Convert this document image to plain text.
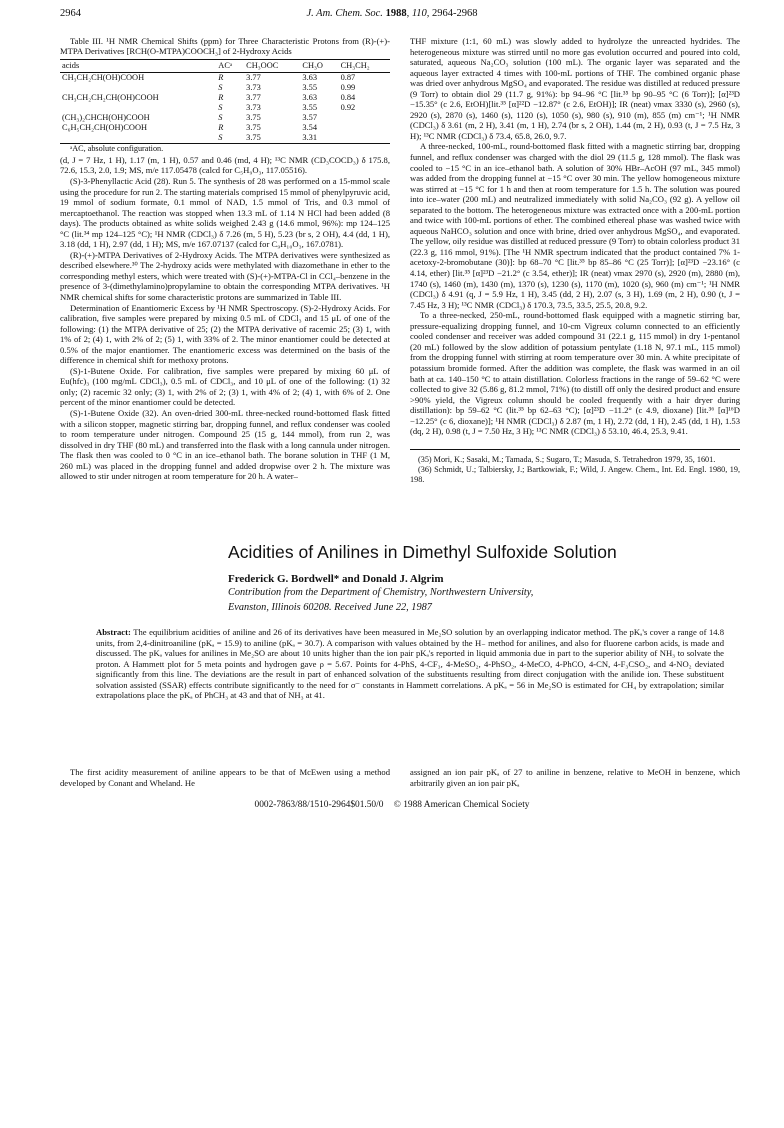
2964	J. Am. Chem. Soc. 1988, 110, 2964-2968

Table III. ¹H NMR Chemical Shifts (ppm) for Three Characteristic Protons from (R)-(+)-MTPA Derivatives [RCH(O-MTPA)COOCH₃] of 2-Hydroxy Acids

acids	ACᵃ	CH₃OOC	CH₃O	CH₃CH₂
CH₃CH₂CH(OH)COOH	R	3.77	3.63	0.87
	S	3.73	3.55	0.99
CH₃CH₂CH₂CH(OH)COOH	R	3.77	3.63	0.84
	S	3.73	3.55	0.92
(CH₃)₂CHCH(OH)COOH	S	3.75	3.57	
C₆H₅CH₂CH(OH)COOH	R	3.75	3.54	
	S	3.75	3.31	

ᵃAC, absolute configuration.

(d, J = 7 Hz, 1 H), 1.17 (m, 1 H), 0.57 and 0.46 (md, 4 H); ¹³C NMR (CD₃COCD₃) δ 175.8, 72.6, 15.3, 2.0, 1.9; MS, m/e 117.05478 (calcd for C₅H₉O₃, 117.05516).

(S)-3-Phenyllactic Acid (28). Run 5. The synthesis of 28 was performed on a 15-mmol scale using the procedure for run 2. The starting materials comprised 15 mmol of phenylpyruvic acid, 19 mmol of sodium formate, 0.1 mmol of NAD, 1.5 mmol of Tris, and 0.3 mmol of mercaptoethanol. The reaction was stopped when 13.3 mL of 1.14 N HCl had been added (8 days). The products obtained as white solids weighed 2.43 g (14.6 mmol, 96%): mp 124–125 °C (lit.³⁴ mp 124–125 °C); ¹H NMR (CDCl₃) δ 7.26 (m, 5 H), 5.23 (br s, 2 OH), 4.4 (dd, 1 H), 3.18 (dd, 1 H), 2.97 (dd, 1 H); MS, m/e 167.07137 (calcd for C₉H₁₀O₃, 167.0781).

(R)-(+)-MTPA Derivatives of 2-Hydroxy Acids. The MTPA derivatives were synthesized as described elsewhere.³⁰ The 2-hydroxy acids were methylated with diazomethane in ether to the corresponding methyl esters, which were treated with (S)-(+)-MTPA-Cl in CCl₄–benzene in the presence of 3-(dimethylamino)propylamine to obtain the corresponding MTPA derivatives. ¹H NMR chemical shifts for some characteristic protons are summarized in Table III.

Determination of Enantiomeric Excess by ¹H NMR Spectroscopy. (S)-2-Hydroxy Acids. For calibration, five samples were prepared by mixing 0.5 mL of CDCl₃ and 15 μL of one of the following: (1) the MTPA derivative of 25; (2) the MTPA derivative of racemic 25; (3) 1, with 1% of 2; (4) 1, with 2% of 2; (5) 1, with 33% of 2. The minor enantiomer could be detected at 0.5% of the major enantiomer. The enantiomeric excess was determined on the basis of the difference in chemical shift for methoxy protons.

(S)-1-Butene Oxide. For calibration, five samples were prepared by mixing 60 μL of Eu(hfc)₃ (100 mg/mL CDCl₃), 0.5 mL of CDCl₃, and 10 μL of one of the following: (1) 32 only; (2) racemic 32 only; (3) 1, with 2% of 2; (3) 1, with 4% of 2; (4) 1, with 6% of 2. One percent of the minor enantiomer could be detected.

(S)-1-Butene Oxide (32). An oven-dried 300-mL three-necked round-bottomed flask fitted with a silicon stopper, magnetic stirring bar, dropping funnel, and reflux condenser was cooled to room temperature under nitrogen. Compound 25 (15 g, 144 mmol), from run 2, was dissolved in dry THF (80 mL) and transferred into the flask with a long cannula under nitrogen. The flask then was cooled to 0 °C in an ice–ethanol bath. The borane solution in THF (1 M, 260 mL) was placed in the dropping funnel and added dropwise over 2 h. The mixture was allowed to stir under nitrogen at room temperature for 20 h. A water–

THF mixture (1:1, 60 mL) was slowly added to hydrolyze the unreacted hydrides. The heterogeneous mixture was stirred until no more gas evolution occurred and poured into cold, saturated, aqueous Na₂CO₃ solution (100 mL). The organic layer was separated and the aqueous layer extracted 4 times with 100-mL portions of THF. The combined organic phase was dried over anhydrous MgSO₄ and evaporated. The residue was distilled at reduced pressure (9 Torr) to obtain diol 29 (11.7 g, 91%): bp 94–96 °C [lit.³⁵ bp 90–95 °C (6 Torr)]; [α]²³D −15.35° (c 2.6, EtOH)[lit.³⁵ [α]²²D −12.87° (c 2.6, EtOH)]; IR (neat) νmax 3330 (s), 2960 (s), 2920 (s), 2870 (s), 1460 (s), 1120 (s), 1050 (s), 980 (s), 910 (m), 855 (m) cm⁻¹; ¹H NMR (CDCl₃) δ 3.61 (m, 2 H), 3.41 (m, 1 H), 2.74 (br s, 2 OH), 1.44 (m, 2 H), 0.93 (t, J = 7.5 Hz, 3 H); ¹³C NMR (CDCl₃) δ 73.4, 65.8, 26.0, 9.7.

A three-necked, 100-mL, round-bottomed flask fitted with a magnetic stirring bar, dropping funnel, and reflux condenser was charged with the diol 29 (11.5 g, 128 mmol). The flask was cooled to −15 °C in an ice–ethanol bath. A solution of 30% HBr–AcOH (97 mL, 345 mmol) was added from the dropping funnel at −15 °C over 30 min. The yellow homogeneous mixture was stirred at −15 °C for 1 h and then at room temperature for 1.5 h. The solution was poured into ice–water (200 mL) and neutralized immediately with solid Na₂CO₃ (92 g). A yellow oil separated to the bottom. The heterogeneous mixture was extracted once with a 200-mL portion and twice with 100-mL portions of ether. The combined ethereal phase was washed twice with aqueous NaHCO₃ solution and once with brine, dried over anhydrous MgSO₄, and evaporated. The yellow, oily residue was distilled at reduced pressure (9 Torr) to obtain colorless product 31 (22.3 g, 116 mmol, 91%). [The ¹H NMR spectrum indicated that the product contained 7% 1-acetoxy-2-bromobutane (30)]: bp 68–70 °C [lit.³⁵ bp 85–86 °C (25 Torr)]; [α]²³D −23.16° (c 4.14, ether) [lit.³⁵ [α]²³D −21.2° (c 3.54, ether)]; IR (neat) νmax 2970 (s), 2920 (m), 2880 (m), 1740 (s), 1460 (m), 1430 (m), 1370 (s), 1230 (s), 1170 (m), 1020 (s), 960 (m) cm⁻¹; ¹H NMR (CDCl₃) δ 4.91 (q, J = 5.9 Hz, 1 H), 3.45 (dd, 2 H), 2.07 (s, 3 H), 1.69 (m, 2 H), 0.90 (t, J = 7.45 Hz, 3 H); ¹³C NMR (CDCl₃) δ 170.3, 73.5, 33.5, 25.5, 20.8, 9.2.

To a three-necked, 250-mL, round-bottomed flask equipped with a magnetic stirring bar, pressure-equalizing dropping funnel, and 10-cm Vigreux column connected to an efficiently cooled condenser and receiver was added compound 31 (22.1 g, 115 mmol) in dry 1-pentanol (20 mL) followed by the slow addition of potassium pentylate (1.18 N, 97.1 mL, 115 mmol) from the dropping funnel with stirring at room temperature over 30 min. A white precipitate of potassium bromide formed. After the addition was complete, the flask was warmed in an oil bath at ca. 140–150 °C to attain distillation. Colorless fractions in the range of 59–62 °C were collected to give 32 (5.86 g, 81.2 mmol, 71%) (to distill off only the desired product and ensure >90% yield, the Vigreux column should be cooled frequently with a hair dryer during distillation): bp 59–62 °C (lit.³⁵ bp 62–63 °C); [α]²³D −11.2° (c 4.9, dioxane) [lit.³⁶ [α]¹⁶D −12.25° (c 6, dioxane)]; ¹H NMR (CDCl₃) δ 2.87 (m, 1 H), 2.72 (dd, 1 H), 2.45 (dd, 1 H), 1.53 (dq, 2 H), 0.98 (t, J = 7.50 Hz, 3 H); ¹³C NMR (CDCl₃) δ 53.10, 46.4, 25.3, 9.41.

(35) Mori, K.; Sasaki, M.; Tamada, S.; Sugaro, T.; Masuda, S. Tetrahedron 1979, 35, 1601.

(36) Schmidt, U.; Talbiersky, J.; Bartkowiak, F.; Wild, J. Angew. Chem., Int. Ed. Engl. 1980, 19, 198.

Acidities of Anilines in Dimethyl Sulfoxide Solution
Frederick G. Bordwell* and Donald J. Algrim
Contribution from the Department of Chemistry, Northwestern University,
Evanston, Illinois 60208. Received June 22, 1987

Abstract: The equilibrium acidities of aniline and 26 of its derivatives have been measured in Me₂SO solution by an overlapping indicator method. The pKₐ's cover a range of 14.8 units, from 2,4-dinitroaniline (pKₐ = 15.9) to aniline (pKₐ = 30.7). A comparison with values obtained by the H₋ method for anilines, and also for fluorene carbon acids, is made and discussed. The pKₐ values for anilines in Me₂SO are about 10 units higher than the ion pair pKₐ's reported in liquid ammonia due in part to the superior ability of NH₃ to solvate the proton. A Hammett plot for 5 meta points and hydrogen gave ρ = 5.67. Points for 4-PhS, 4-CF₃, 4-MeSO₂, 4-PhSO₂, 4-MeCO, 4-PhCO, 4-CN, 4-F₃CSO₂, and 4-NO₂ deviated significantly from this line. The deviations are the result in part of enhanced solvation of the substituents resulting from direct conjugation with the anilide ion. These substituent solvation assisted (SSAR) effects contribute significantly to the need for σ⁻ constants in Hammett correlations. A pKₐ = 56 in Me₂SO is estimated for CH₄ by extrapolation; similar extrapolations place the pKₐ of PhCH₃ at 43 and that of NH₃ at 41.

The first acidity measurement of aniline appears to be that of McEwen using a method developed by Conant and Wheland. He

assigned an ion pair pKₐ of 27 to aniline in benzene, relative to MeOH in benzene, which arbitrarily given an ion pair pKₐ

0002-7863/88/1510-2964$01.50/0 © 1988 American Chemical Society
